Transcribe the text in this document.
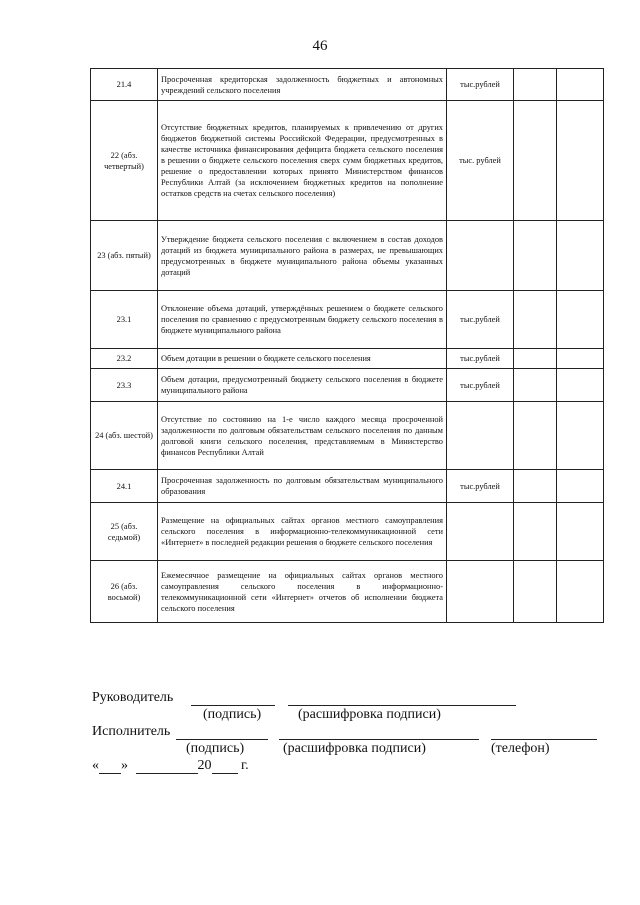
46
21.4	Просроченная кредиторская задолженность бюджетных и автономных учреждений сельского поселения	тыс.рублей		
22 (абз. четвертый)	Отсутствие бюджетных кредитов, планируемых к привлечению от других бюджетов бюджетной системы Российской Федерации, предусмотренных в качестве источника финансирования дефицита бюджета сельского поселения в решении о бюджете сельского поселения сверх сумм бюджетных кредитов, решение о предоставлении которых принято Министерством финансов Республики Алтай (за исключением бюджетных кредитов на пополнение остатков средств на счетах сельского поселения)	тыс. рублей		
23 (абз. пятый)	Утверждение бюджета сельского поселения с включением в состав доходов дотаций из бюджета муниципального района в размерах, не превышающих предусмотренных в бюджете муниципального района объемы указанных дотаций			
23.1	Отклонение объема дотаций, утверждённых решением о бюджете сельского поселения по сравнению с предусмотренным бюджету сельского поселения в бюджете муниципального района	тыс.рублей		
23.2	Объем дотации в решении о бюджете сельского поселения	тыс.рублей		
23.3	Объем дотации, предусмотренный бюджету сельского поселения в бюджете муниципального района	тыс.рублей		
24 (абз. шестой)	Отсутствие по состоянию на 1-е число каждого месяца просроченной задолженности по долговым обязательствам сельского поселения по данным долговой книги сельского поселения, представляемым в Министерство финансов Республики Алтай			
24.1	Просроченная задолженность по долговым обязательствам муниципального образования	тыс.рублей		
25 (абз. седьмой)	Размещение на официальных сайтах органов местного самоуправления сельского поселения в информационно-телекоммуникационной сети «Интернет» в последней редакции решения о бюджете сельского поселения			
26 (абз. восьмой)	Ежемесячное размещение на официальных сайтах органов местного самоуправления сельского поселения в информационно-телекоммуникационной сети «Интернет» отчетов об исполнении бюджета сельского поселения			
Руководитель
(подпись)	(расшифровка подписи)
Исполнитель
(подпись)	(расшифровка подписи)	(телефон)
« »	20 г.
